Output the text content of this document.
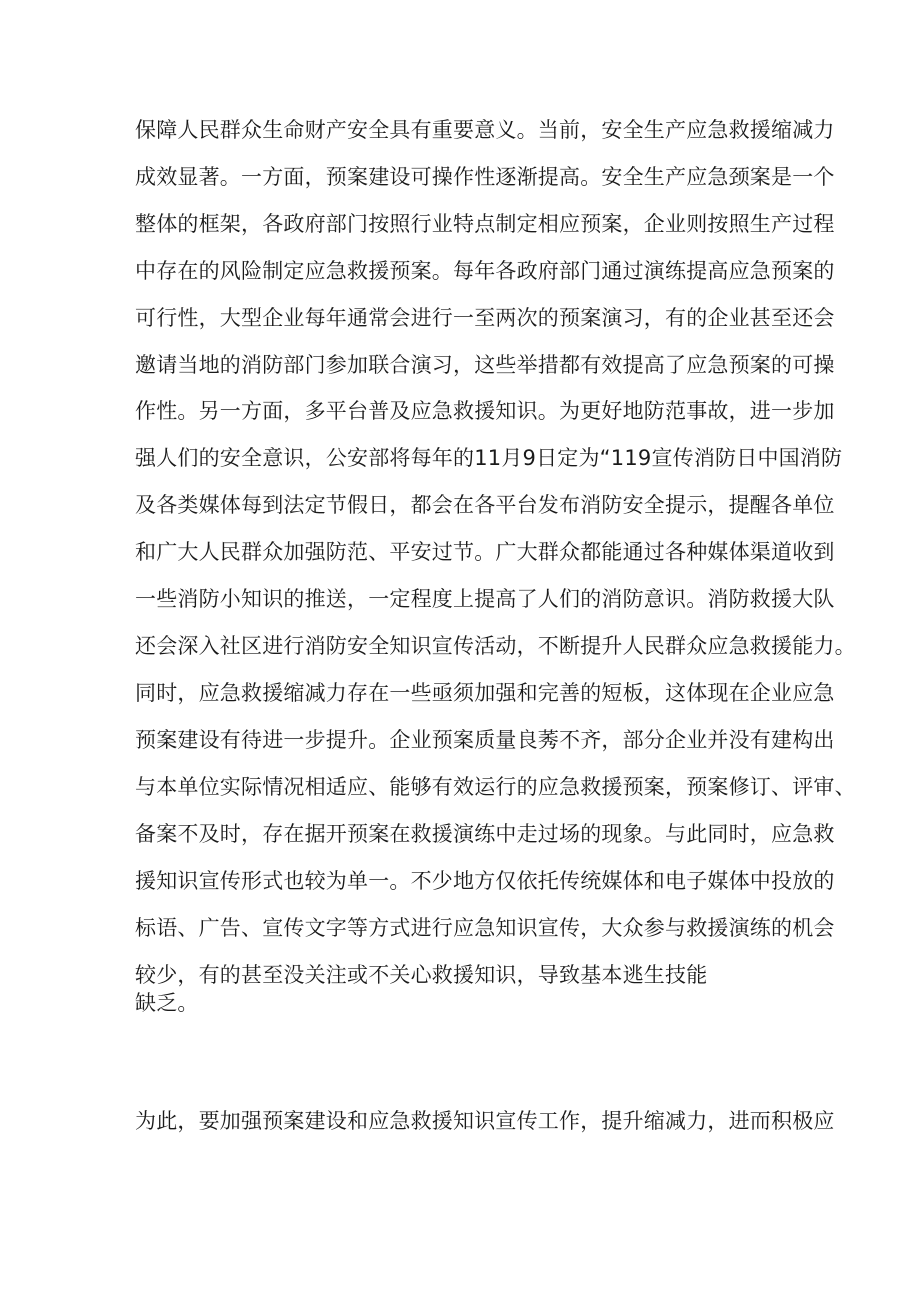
保障人民群众生命财产安全具有重要意义。当前，安全生产应急救援缩减力
成效显著。一方面，预案建设可操作性逐渐提高。安全生产应急颈案是一个
整体的框架，各政府部门按照行业特点制定相应预案，企业则按照生产过程
中存在的风险制定应急救援预案。每年各政府部门通过演练提高应急预案的
可行性，大型企业每年通常会进行一至两次的预案演习，有的企业甚至还会
邀请当地的消防部门参加联合演习，这些举措都有效提高了应急预案的可操
作性。另一方面，多平台普及应急救援知识。为更好地防范事故，进一步加
强人们的安全意识，公安部将每年的11月9日定为“119宣传消防日中国消防
及各类媒体每到法定节假日，都会在各平台发布消防安全提示，提醒各单位
和广大人民群众加强防范、平安过节。广大群众都能通过各种媒体渠道收到
一些消防小知识的推送，一定程度上提高了人们的消防意识。消防救援大队
还会深入社区进行消防安全知识宣传活动，不断提升人民群众应急救援能力。
同时，应急救援缩减力存在一些亟须加强和完善的短板，这体现在企业应急
预案建设有待进一步提升。企业预案质量良莠不齐，部分企业并没有建构出
与本单位实际情况相适应、能够有效运行的应急救援预案，预案修订、评审、
备案不及时，存在据开预案在救援演练中走过场的现象。与此同时，应急救
援知识宣传形式也较为单一。不少地方仅依托传统媒体和电子媒体中投放的
标语、广告、宣传文字等方式进行应急知识宣传，大众参与救援演练的机会
较少，有的甚至没关注或不关心救援知识，导致基本逃生技能
缺乏。
为此，要加强预案建设和应急救援知识宣传工作，提升缩减力，进而积极应
